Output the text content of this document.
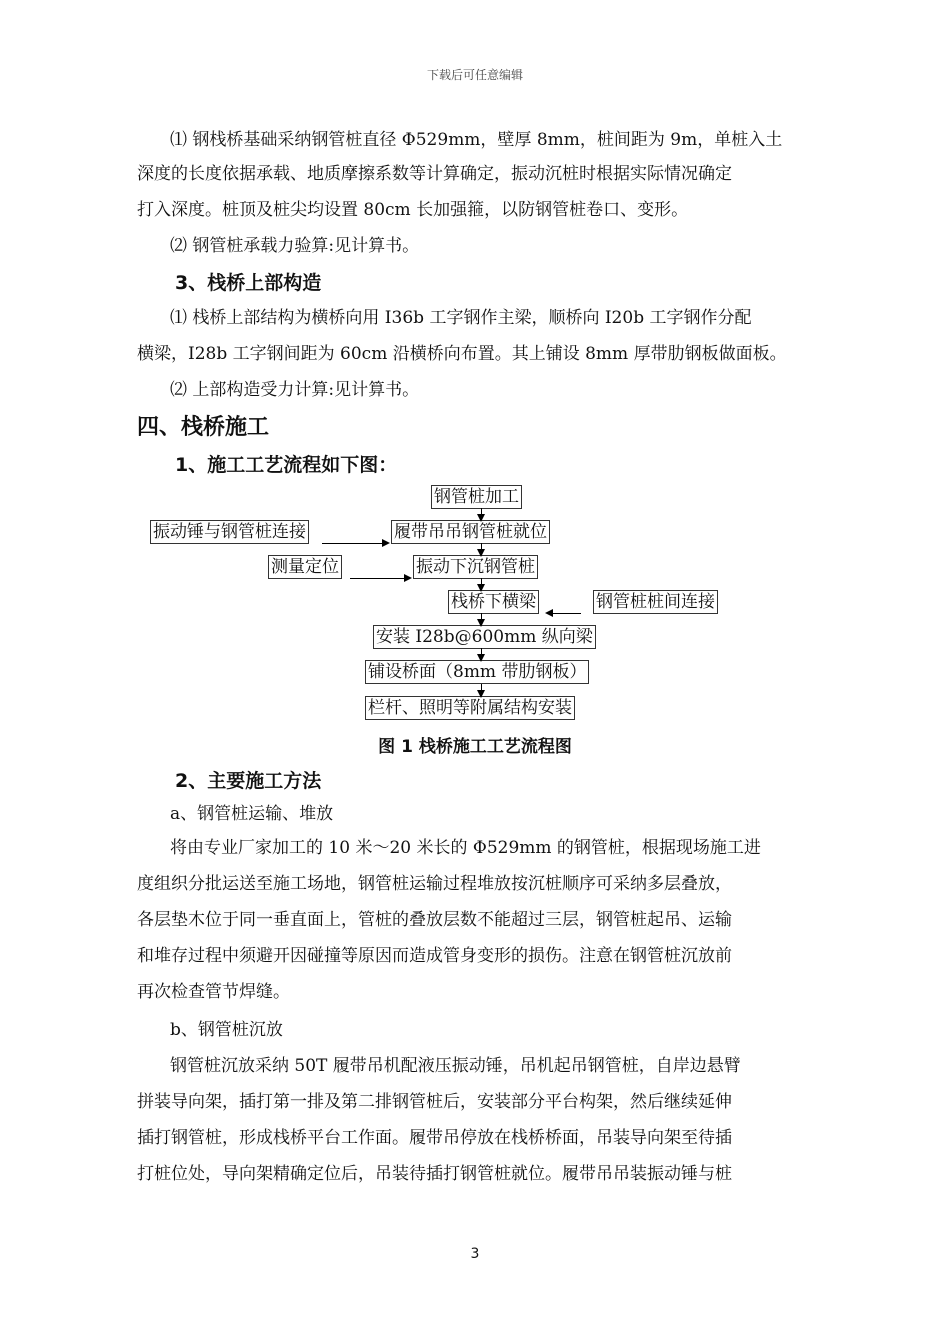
下载后可任意编辑
⑴ 钢栈桥基础采纳钢管桩直径 Φ529mm，壁厚 8mm，桩间距为 9m，单桩入土
深度的长度依据承载、地质摩擦系数等计算确定，振动沉桩时根据实际情况确定
打入深度。桩顶及桩尖均设置 80cm 长加强箍，以防钢管桩卷口、变形。
⑵ 钢管桩承载力验算:见计算书。
3、栈桥上部构造
⑴ 栈桥上部结构为横桥向用 I36b 工字钢作主梁，顺桥向 I20b 工字钢作分配
横梁，I28b 工字钢间距为 60cm 沿横桥向布置。其上铺设 8mm 厚带肋钢板做面板。
⑵ 上部构造受力计算:见计算书。
四、栈桥施工
1、施工工艺流程如下图：
钢管桩加工
振动锤与钢管桩连接	履带吊吊钢管桩就位
测量定位	振动下沉钢管桩
栈桥下横梁	钢管桩桩间连接
安装 I28b@600mm 纵向梁
铺设桥面（8mm 带肋钢板）
栏杆、照明等附属结构安装
图 1 栈桥施工工艺流程图
2、主要施工方法
a、钢管桩运输、堆放
将由专业厂家加工的 10 米～20 米长的 Φ529mm 的钢管桩，根据现场施工进
度组织分批运送至施工场地，钢管桩运输过程堆放按沉桩顺序可采纳多层叠放，
各层垫木位于同一垂直面上，管桩的叠放层数不能超过三层，钢管桩起吊、运输
和堆存过程中须避开因碰撞等原因而造成管身变形的损伤。注意在钢管桩沉放前
再次检查管节焊缝。
b、钢管桩沉放
钢管桩沉放采纳 50T 履带吊机配液压振动锤，吊机起吊钢管桩，自岸边悬臂
拼装导向架，插打第一排及第二排钢管桩后，安装部分平台构架，然后继续延伸
插打钢管桩，形成栈桥平台工作面。履带吊停放在栈桥桥面，吊装导向架至待插
打桩位处，导向架精确定位后，吊装待插打钢管桩就位。履带吊吊装振动锤与桩
3
